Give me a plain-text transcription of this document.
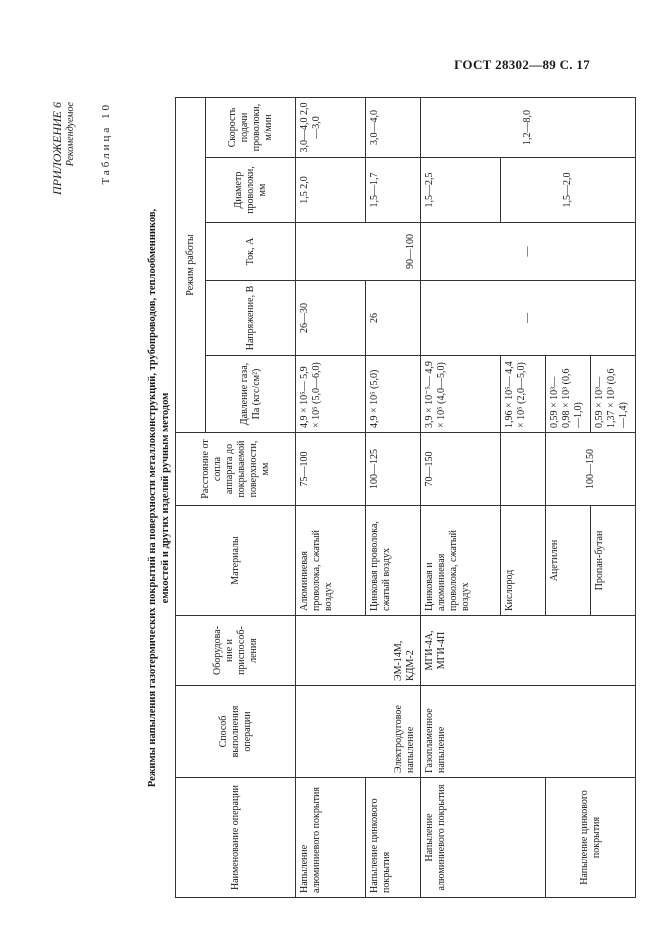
ГОСТ 28302—89 С. 17
ПРИЛОЖЕНИЕ 6 Рекомендуемое Таблица 10
Режимы напыления газотермических покрытий на поверхности металлоконструкций, трубопроводов, теплообменников, емкостей и других изделий ручным методом
Наименование операции	Способ выполнения операции	Оборудова-ние и приспособ-ления	Материалы	Расстояние от сопла аппарата до покрываемой поверхности, мм	Режим работы				
					Давление газа, Па (кгс/см²)	Напряжение, В	Ток, А	Диаметр проволоки, мм	Скорость подачи проволоки, м/мин
Напыление алюминиевого покрытия	Электродуговое напыление	ЭМ-14М, КДМ-2	Алюминиевая проволока, сжатый воздух	75—100	4,9 × 10⁵— 5,9 × 10⁵ (5,0—6,0)	26—30	90—100	1,5 2,0	3,0—4,0 2,0—3,0
Напыление цинкового покрытия			Цинковая проволока, сжатый воздух	100—125	4,9 × 10⁵ (5,0)	26		1,5—1,7	3,0—4,0
Напыление алюминиевого покрытия	Газопламенное напыление	МГИ-4А, МГИ-4П	Цинковая и алюминиевая проволока, сжатый воздух	70—150	3,9 × 10⁻⁵— 4,9 × 10⁵ (4,0—5,0)	—	—	1,5—2,5	1,2—8,0
			Кислород		1,96 × 10⁵— 4,4 × 10⁵ (2,0—5,0)			1,5—2,0	
Напыление цинкового покрытия			Ацетилен	100—150	0,59 × 10³— 0,98 × 10³ (0,6—1,0)				
			Пропан-бутан		0,59 × 10³— 1,37 × 10³ (0,6—1,4)				
